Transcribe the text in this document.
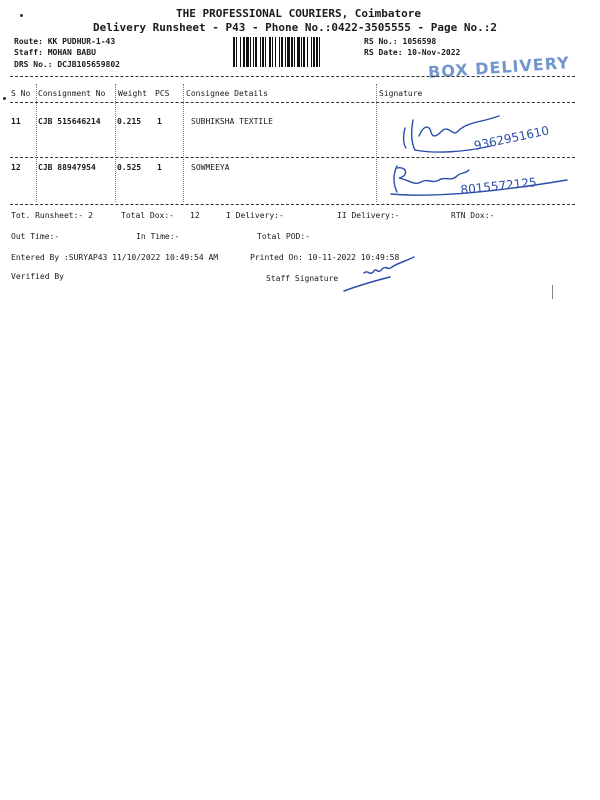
THE PROFESSIONAL COURIERS, Coimbatore
Delivery Runsheet - P43 - Phone No.:0422-3505555 - Page No.:2
Route: KK PUDHUR-1-43
Staff: MOHAN BABU
DRS No.: DCJB105659802
RS No.: 1056598
RS Date: 10-Nov-2022
BOX DELIVERY
S No Consignment No Weight PCS Consignee Details	Signature
11 CJB 515646214 0.215 1	SUBHIKSHA TEXTILE
9362951610
12 CJB 88947954	0.525 1	SOWMEEYA
8015572125
Tot. Runsheet:- 2	Total Dox:- 12	I Delivery:-	II Delivery:-	RTN Dox:-
Out Time:-	In Time:-	Total POD:-
Entered By :SURYAP43 11/10/2022 10:49:54 AM	Printed On: 10-11-2022 10:49:58
Verified By	Staff Signature
